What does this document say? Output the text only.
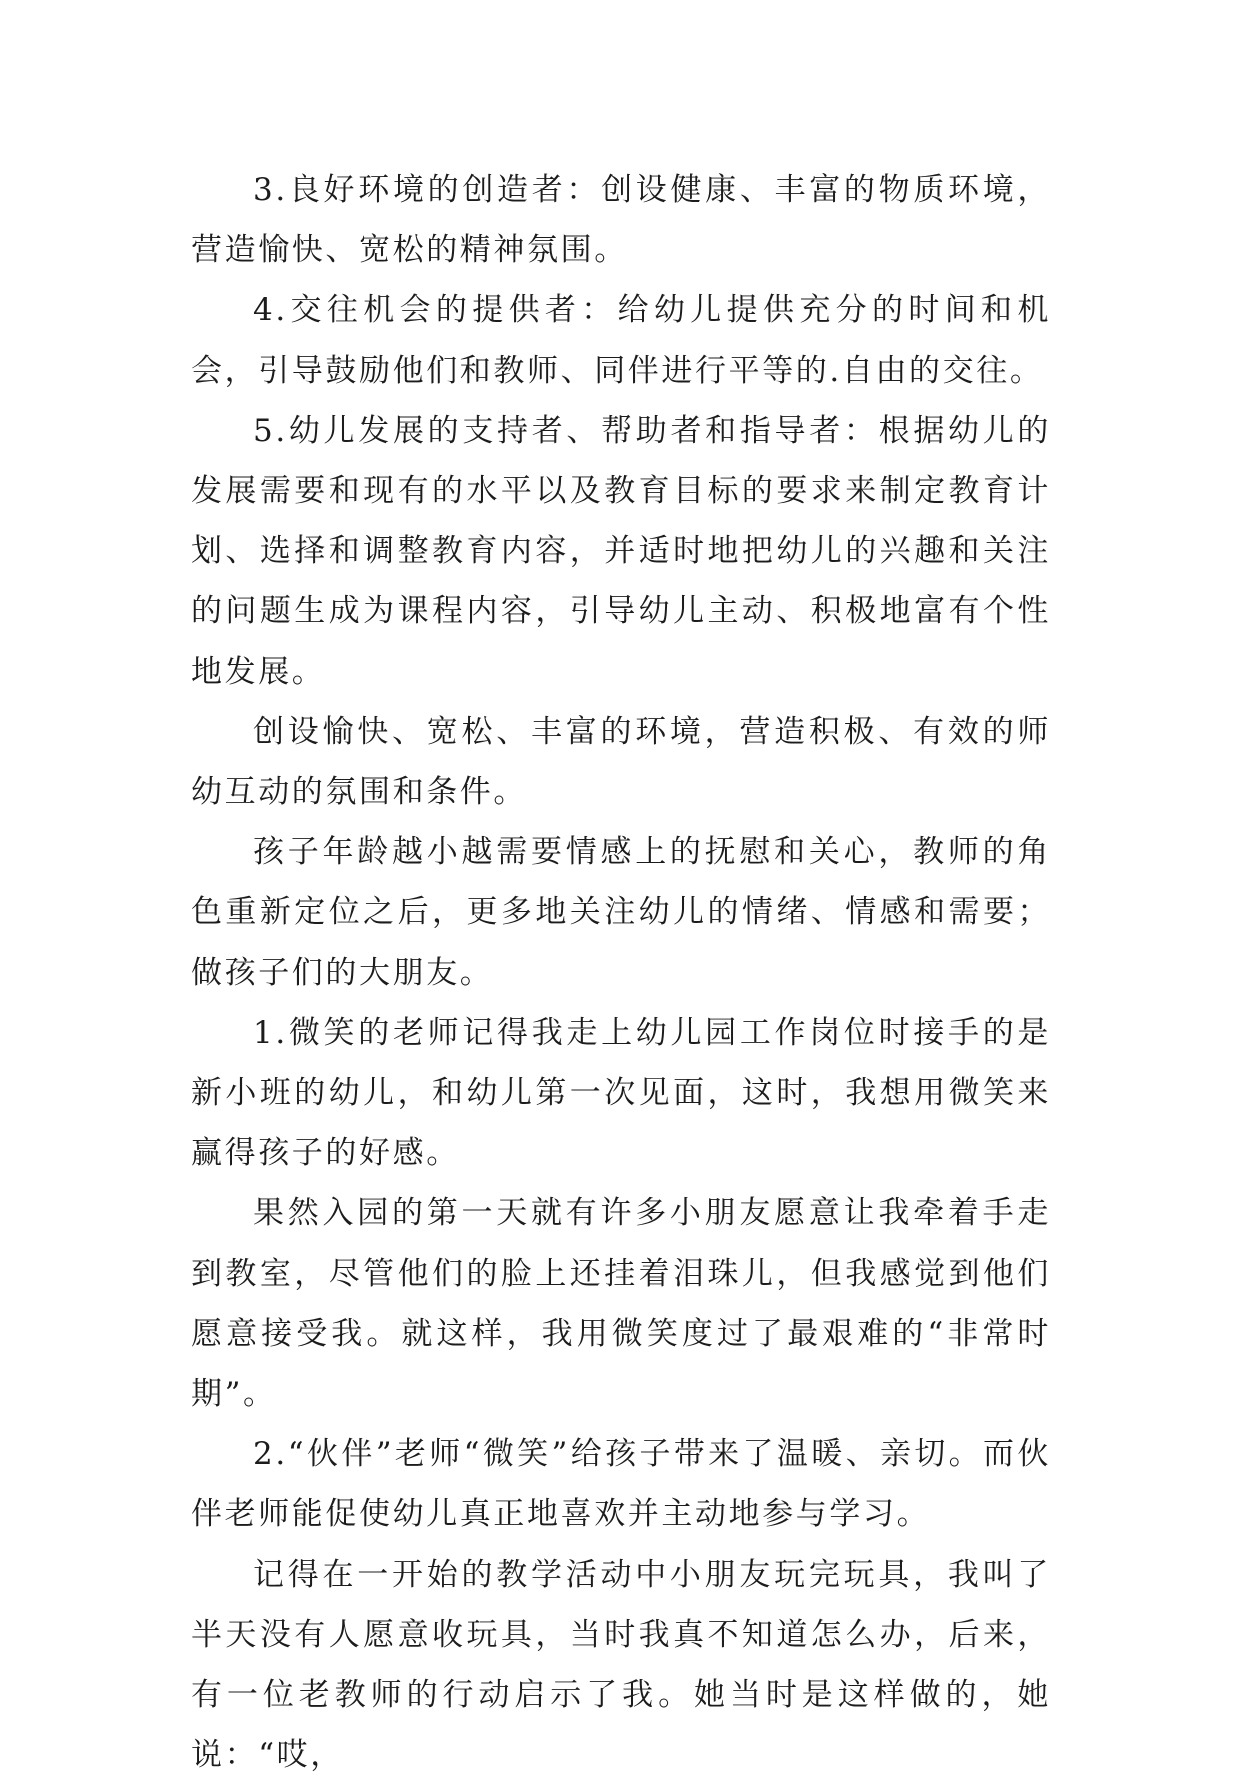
3.良好环境的创造者：创设健康、丰富的物质环境，营造愉快、宽松的精神氛围。

4.交往机会的提供者：给幼儿提供充分的时间和机会，引导鼓励他们和教师、同伴进行平等的.自由的交往。

5.幼儿发展的支持者、帮助者和指导者：根据幼儿的发展需要和现有的水平以及教育目标的要求来制定教育计划、选择和调整教育内容，并适时地把幼儿的兴趣和关注的问题生成为课程内容，引导幼儿主动、积极地富有个性地发展。

创设愉快、宽松、丰富的环境，营造积极、有效的师幼互动的氛围和条件。

孩子年龄越小越需要情感上的抚慰和关心，教师的角色重新定位之后，更多地关注幼儿的情绪、情感和需要；做孩子们的大朋友。

1.微笑的老师记得我走上幼儿园工作岗位时接手的是新小班的幼儿，和幼儿第一次见面，这时，我想用微笑来赢得孩子的好感。

果然入园的第一天就有许多小朋友愿意让我牵着手走到教室，尽管他们的脸上还挂着泪珠儿，但我感觉到他们愿意接受我。就这样，我用微笑度过了最艰难的“非常时期”。

2.“伙伴”老师“微笑”给孩子带来了温暖、亲切。而伙伴老师能促使幼儿真正地喜欢并主动地参与学习。

记得在一开始的教学活动中小朋友玩完玩具，我叫了半天没有人愿意收玩具，当时我真不知道怎么办，后来，有一位老教师的行动启示了我。她当时是这样做的，她说：“哎，
